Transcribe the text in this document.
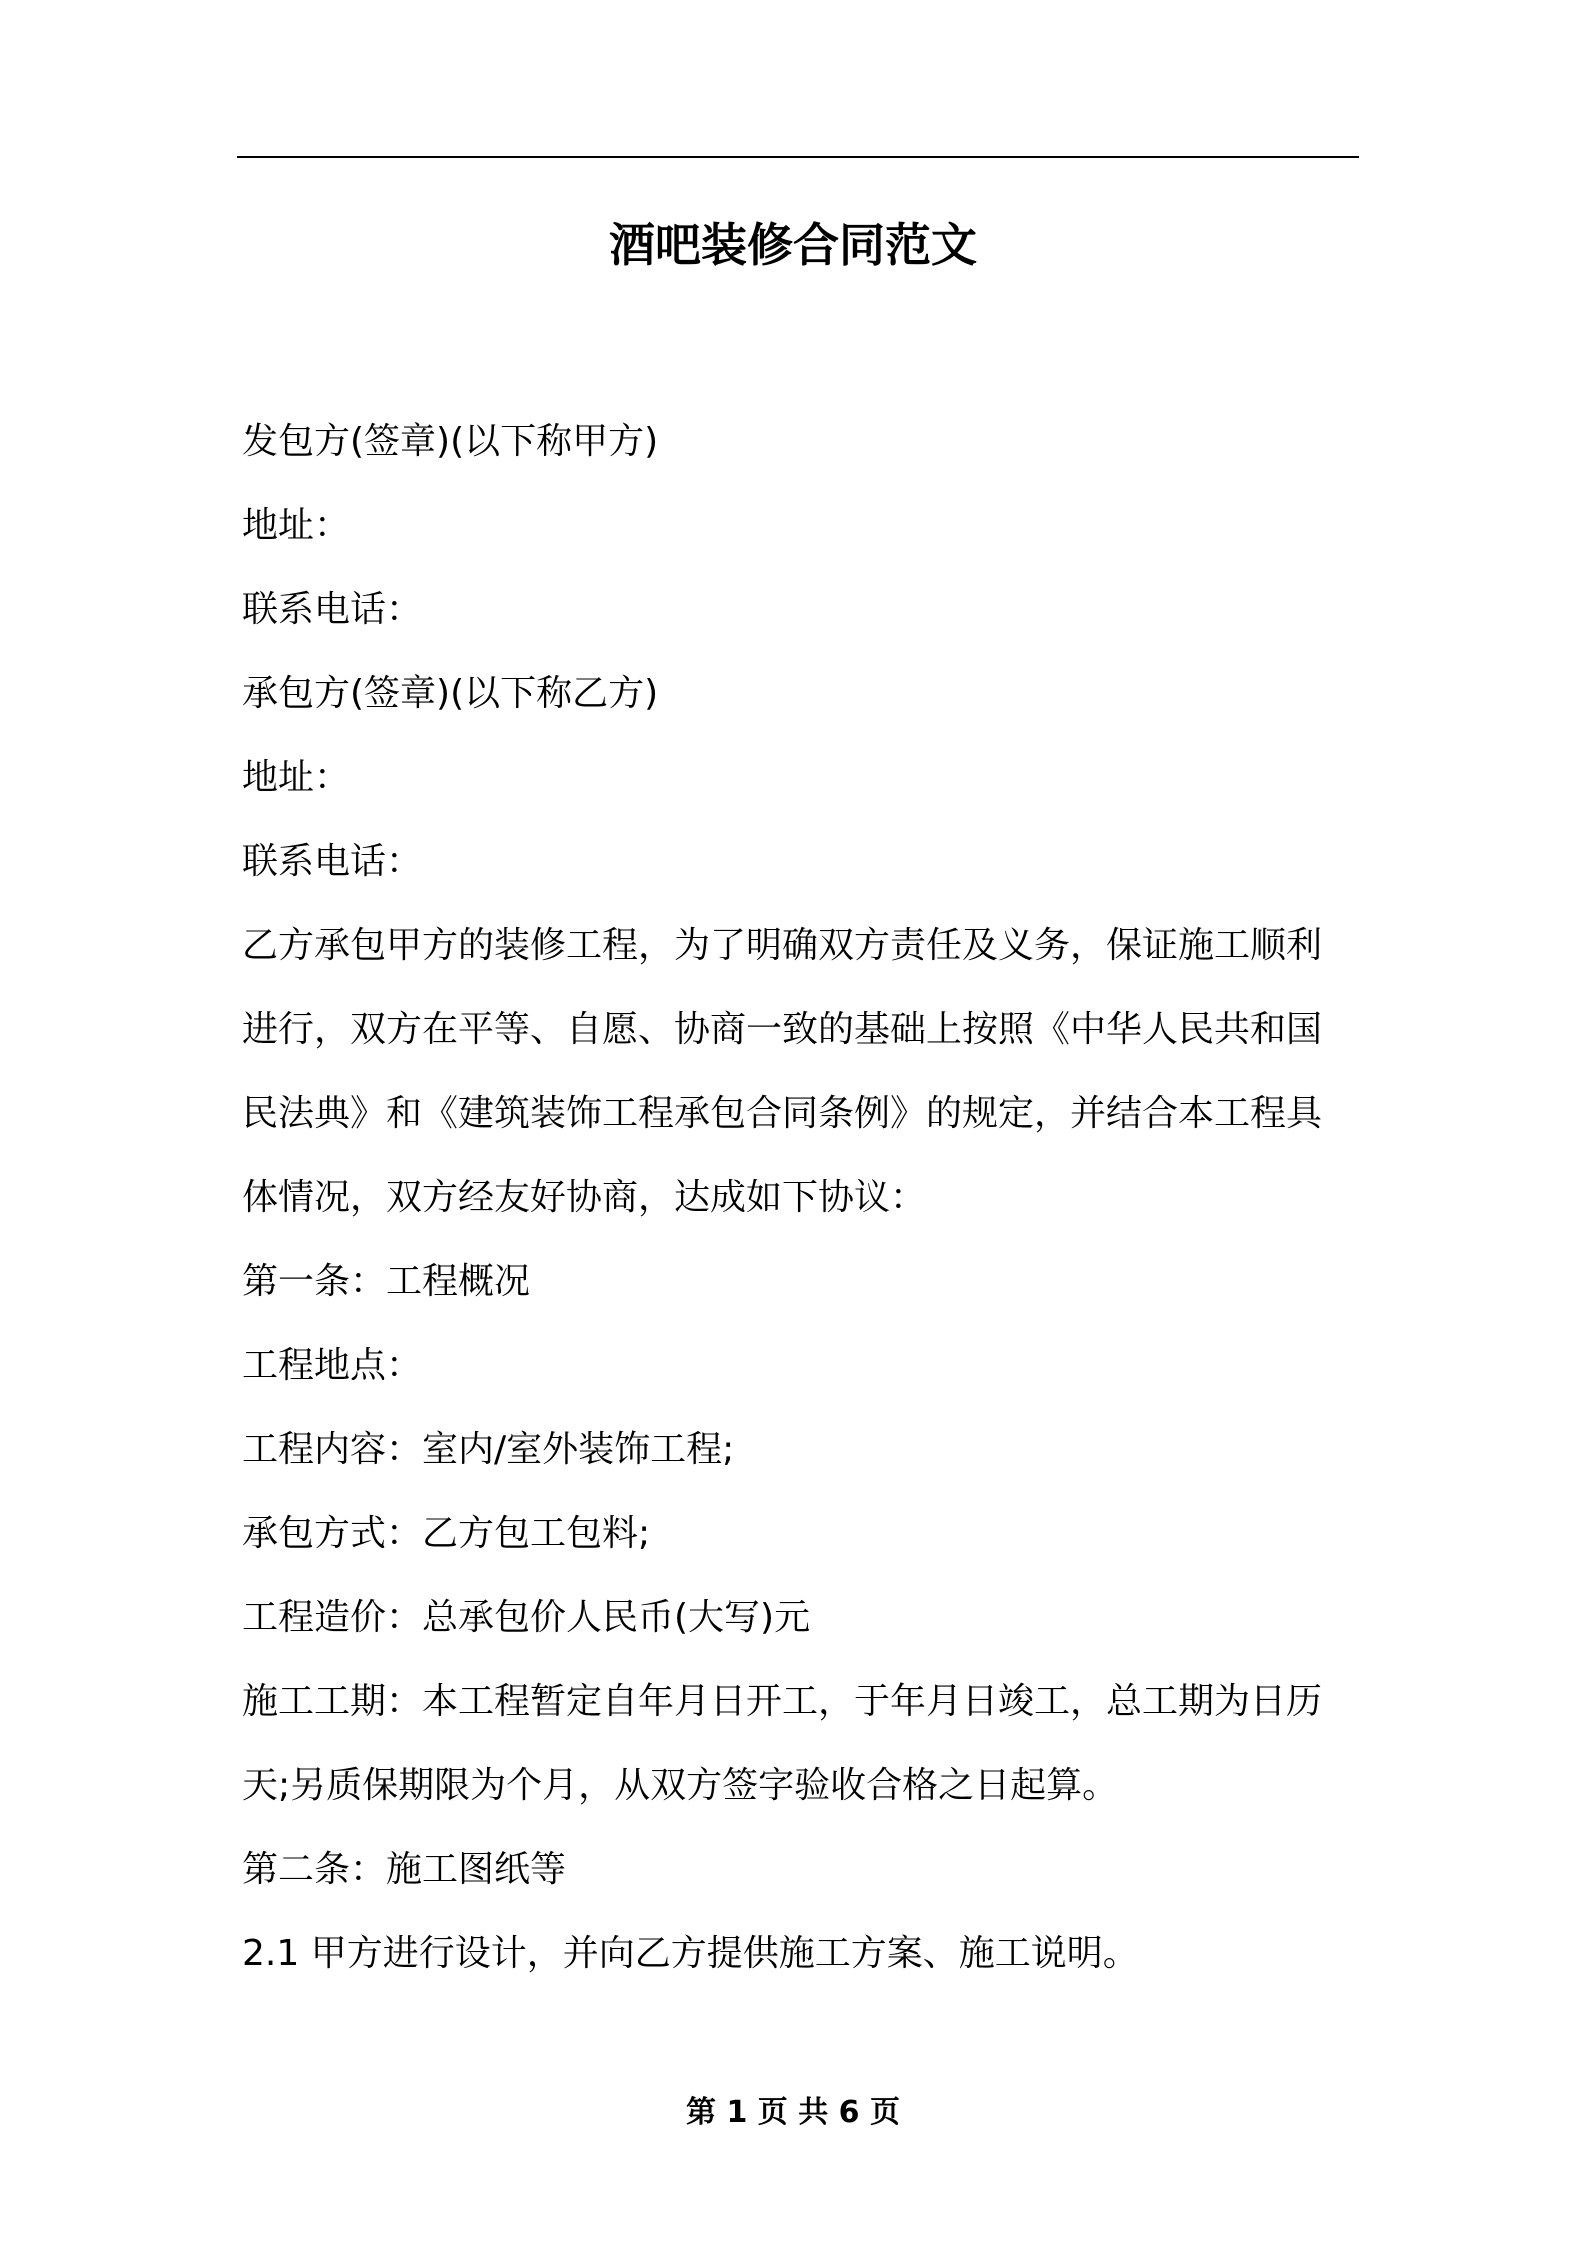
酒吧装修合同范文
发包方(签章)(以下称甲方)
地址：
联系电话：
承包方(签章)(以下称乙方)
地址：
联系电话：
乙方承包甲方的装修工程，为了明确双方责任及义务，保证施工顺利
进行，双方在平等、自愿、协商一致的基础上按照《中华人民共和国
民法典》和《建筑装饰工程承包合同条例》的规定，并结合本工程具
体情况，双方经友好协商，达成如下协议：
第一条：工程概况
工程地点：
工程内容：室内/室外装饰工程;
承包方式：乙方包工包料;
工程造价：总承包价人民币(大写)元
施工工期：本工程暂定自年月日开工，于年月日竣工，总工期为日历
天;另质保期限为个月，从双方签字验收合格之日起算。
第二条：施工图纸等
2.1 甲方进行设计，并向乙方提供施工方案、施工说明。
第 1 页 共 6 页
